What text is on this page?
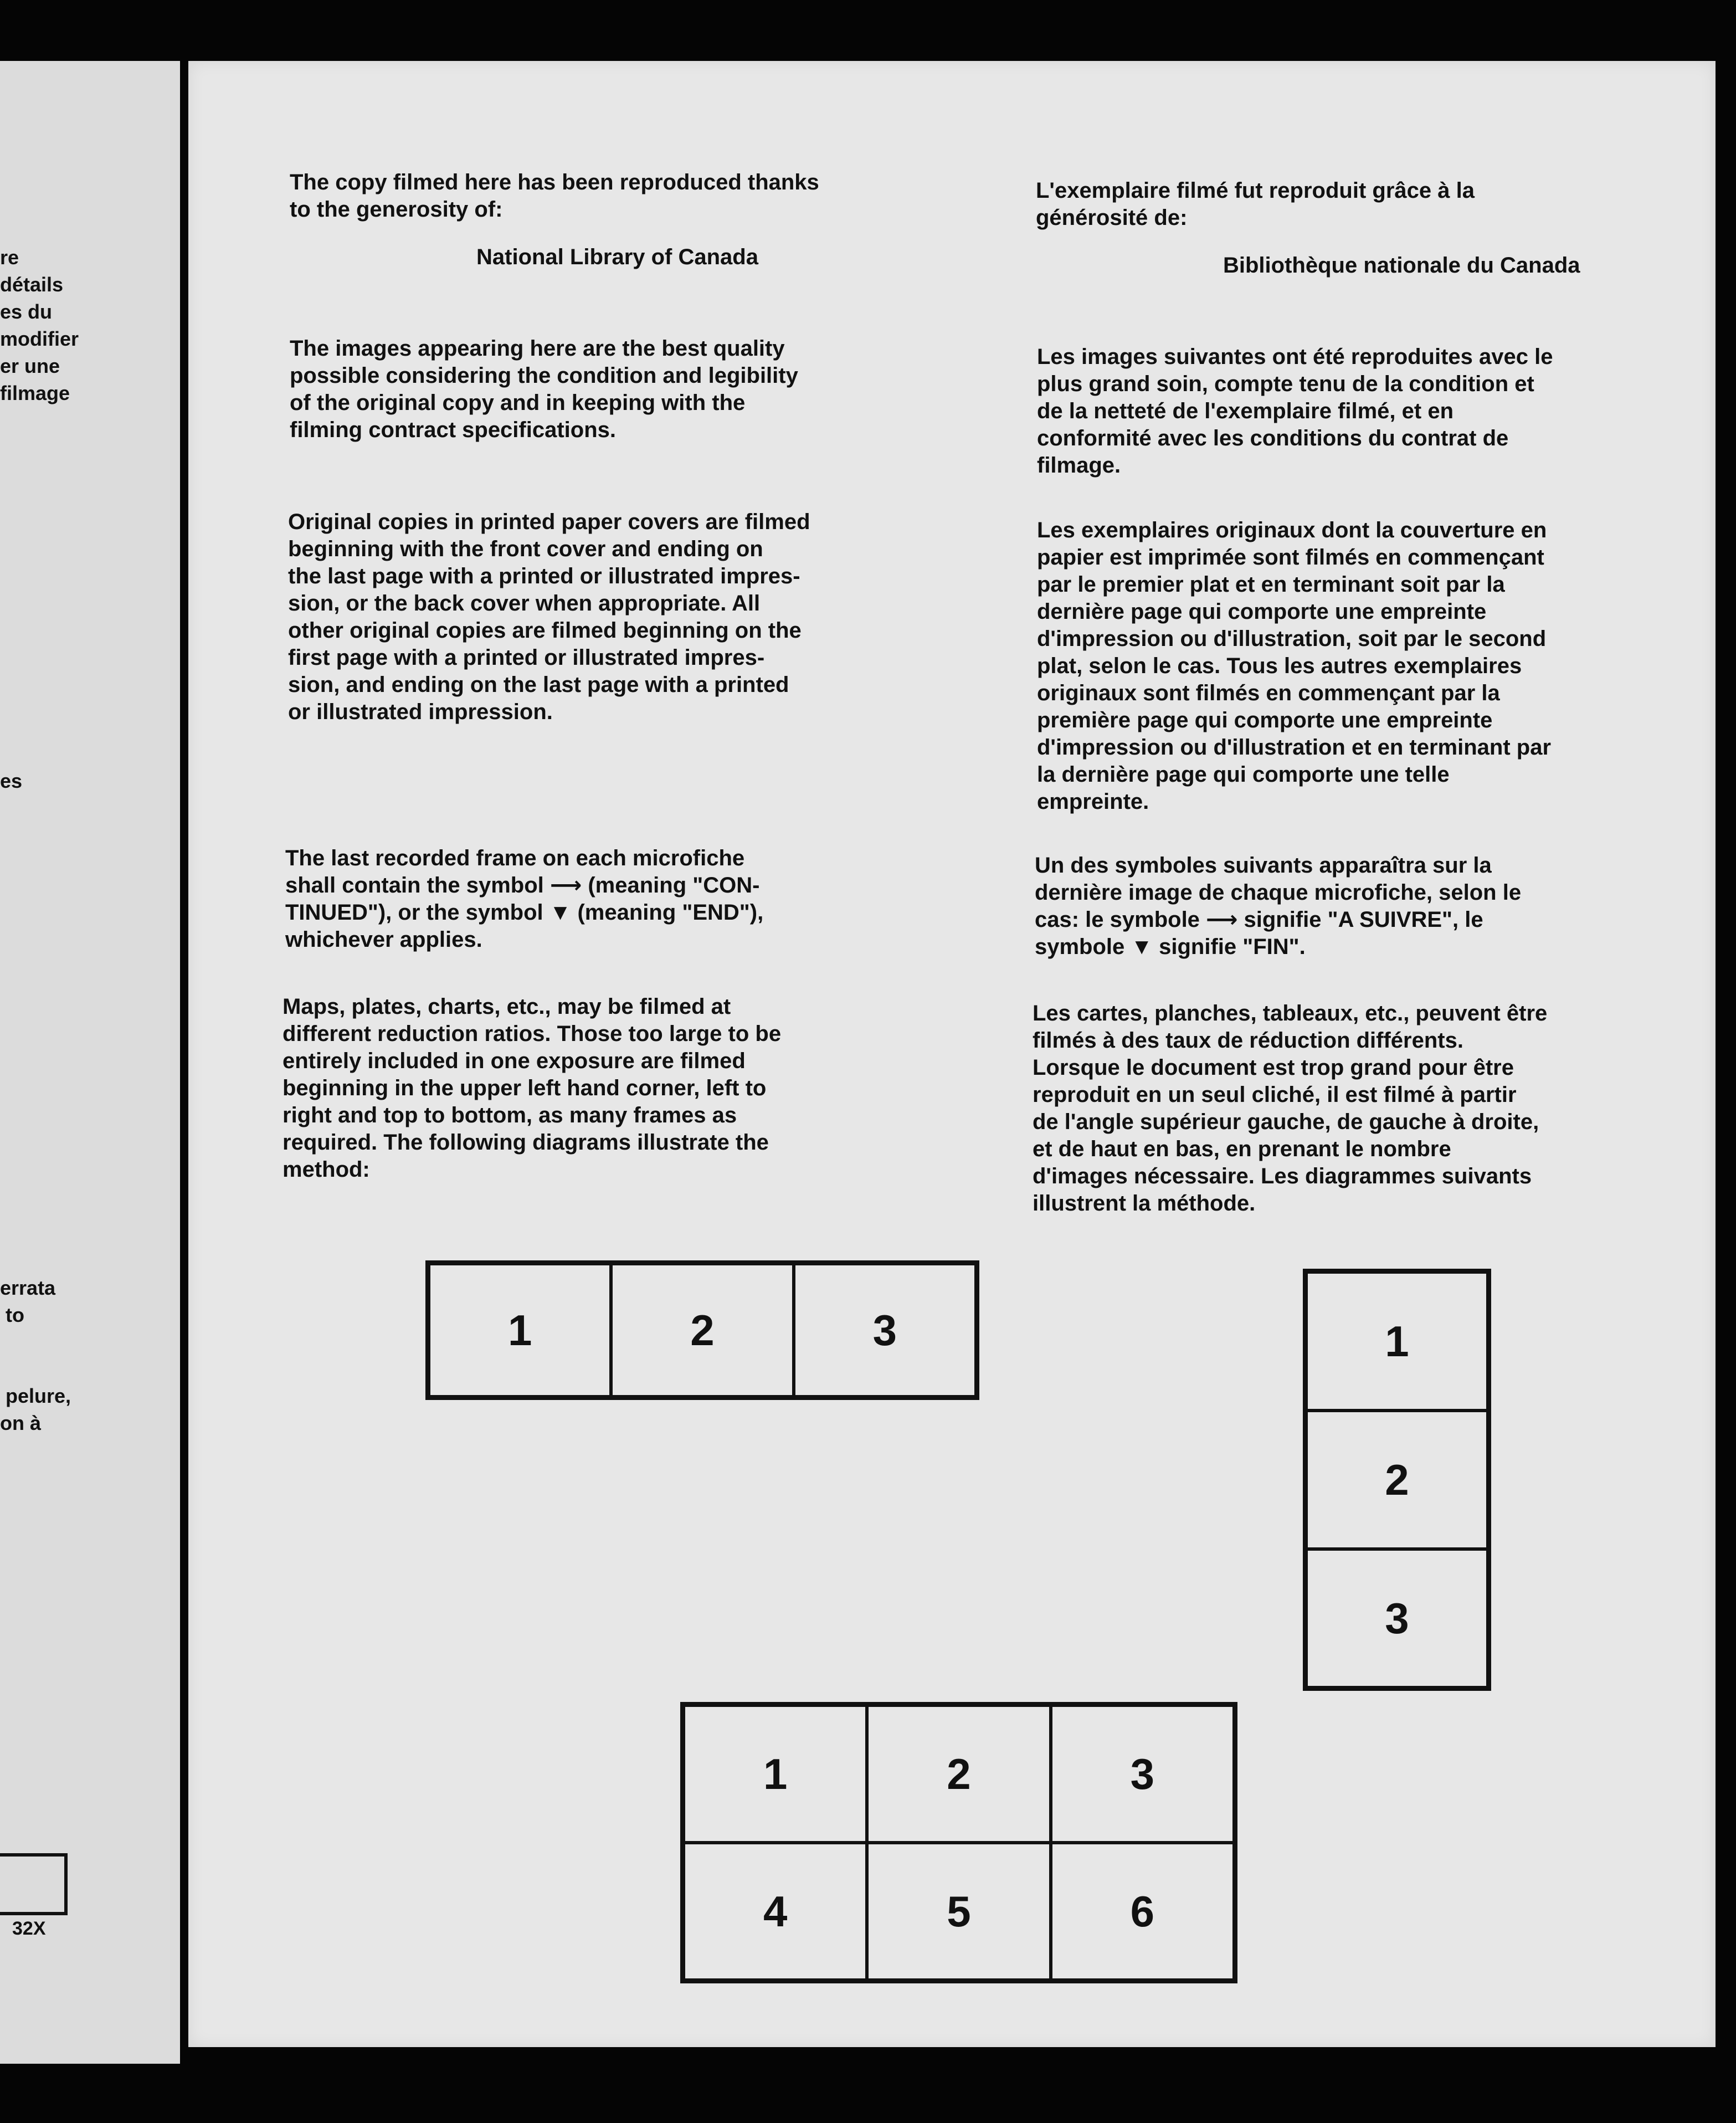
re
détails
es du
modifier
er une
filmage
es
errata
to
pelure,
on à
32X
The copy filmed here has been reproduced thanks
to the generosity of:
National Library of Canada
The images appearing here are the best quality
possible considering the condition and legibility
of the original copy and in keeping with the
filming contract specifications.
Original copies in printed paper covers are filmed
beginning with the front cover and ending on
the last page with a printed or illustrated impres-
sion, or the back cover when appropriate. All
other original copies are filmed beginning on the
first page with a printed or illustrated impres-
sion, and ending on the last page with a printed
or illustrated impression.
The last recorded frame on each microfiche
shall contain the symbol ⟶ (meaning "CON-
TINUED"), or the symbol ▼ (meaning "END"),
whichever applies.
Maps, plates, charts, etc., may be filmed at
different reduction ratios. Those too large to be
entirely included in one exposure are filmed
beginning in the upper left hand corner, left to
right and top to bottom, as many frames as
required. The following diagrams illustrate the
method:
L'exemplaire filmé fut reproduit grâce à la
générosité de:
Bibliothèque nationale du Canada
Les images suivantes ont été reproduites avec le
plus grand soin, compte tenu de la condition et
de la netteté de l'exemplaire filmé, et en
conformité avec les conditions du contrat de
filmage.
Les exemplaires originaux dont la couverture en
papier est imprimée sont filmés en commençant
par le premier plat et en terminant soit par la
dernière page qui comporte une empreinte
d'impression ou d'illustration, soit par le second
plat, selon le cas. Tous les autres exemplaires
originaux sont filmés en commençant par la
première page qui comporte une empreinte
d'impression ou d'illustration et en terminant par
la dernière page qui comporte une telle
empreinte.
Un des symboles suivants apparaîtra sur la
dernière image de chaque microfiche, selon le
cas: le symbole ⟶ signifie "A SUIVRE", le
symbole ▼ signifie "FIN".
Les cartes, planches, tableaux, etc., peuvent être
filmés à des taux de réduction différents.
Lorsque le document est trop grand pour être
reproduit en un seul cliché, il est filmé à partir
de l'angle supérieur gauche, de gauche à droite,
et de haut en bas, en prenant le nombre
d'images nécessaire. Les diagrammes suivants
illustrent la méthode.
1	2	3	1
2
3
1	2	3
4	5	6
